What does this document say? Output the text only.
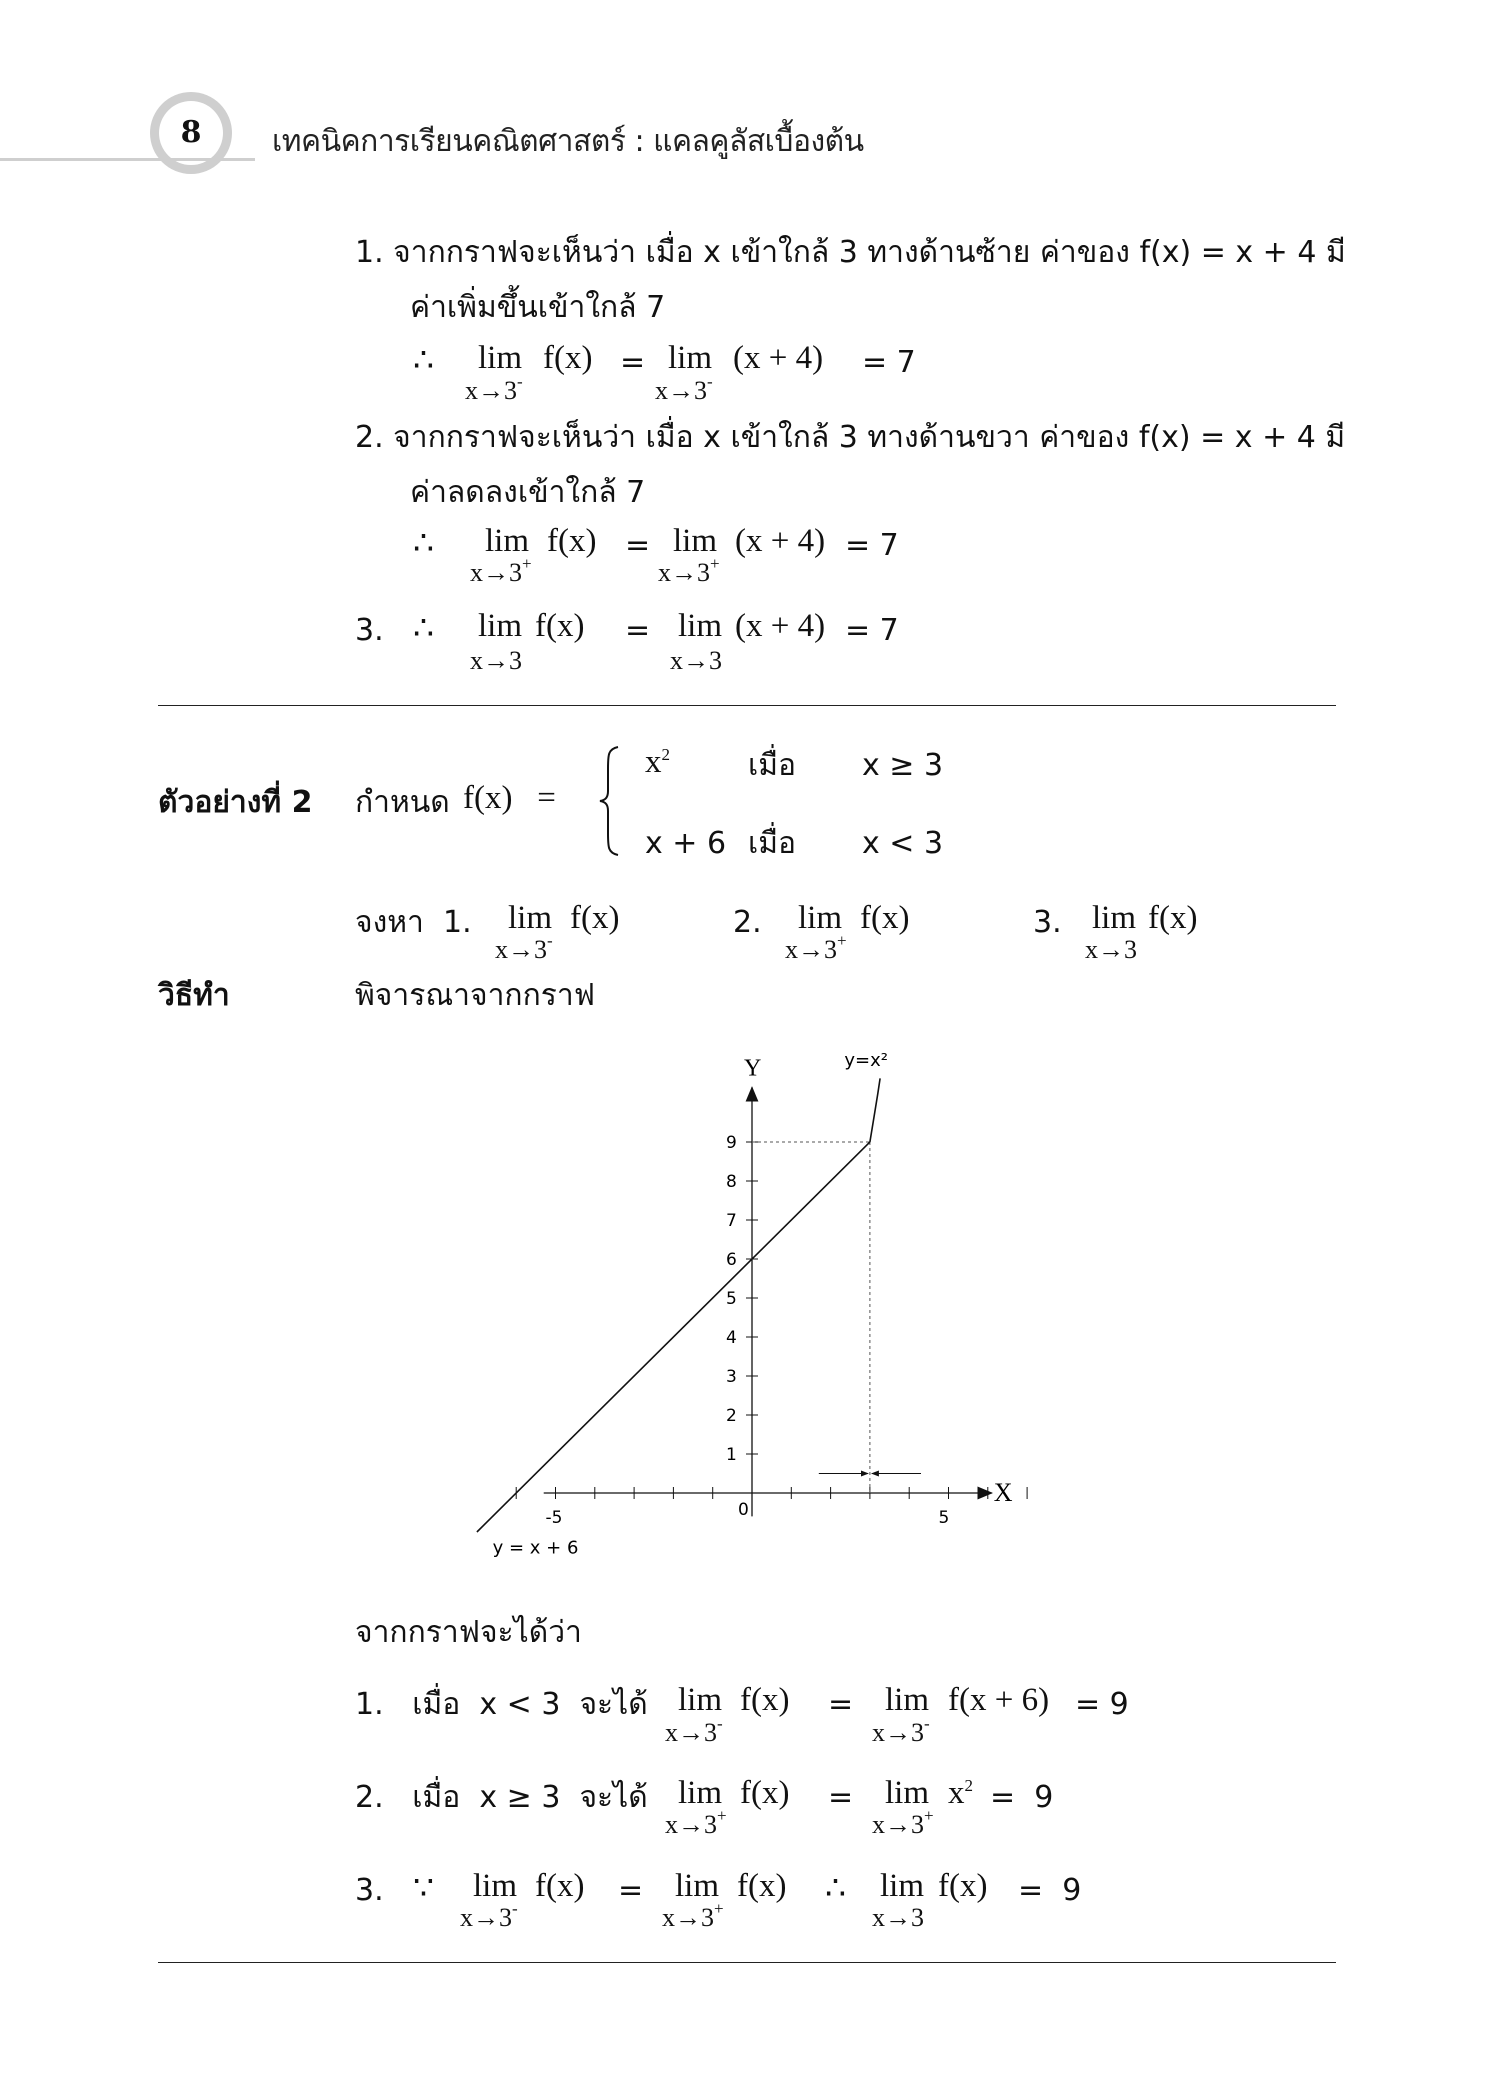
8	เทคนิคการเรียนคณิตศาสตร์ : แคลคูลัสเบื้องต้น
1. จากกราฟจะเห็นว่า เมื่อ x เข้าใกล้ 3 ทางด้านซ้าย ค่าของ f(x) = x + 4 มี
ค่าเพิ่มขึ้นเข้าใกล้ 7
∴ lim f(x) = lim (x + 4) = 7
x→3-	x→3-
2. จากกราฟจะเห็นว่า เมื่อ x เข้าใกล้ 3 ทางด้านขวา ค่าของ f(x) = x + 4 มี
ค่าลดลงเข้าใกล้ 7
∴ lim f(x) = lim (x + 4) = 7
x→3+	x→3+
3. ∴ lim f(x) = lim (x + 4) = 7
x→3	x→3
ตัวอย่างที่ 2 กำหนด f(x)   =
$x^2$	เมื่อ x ≥ 3
x + 6 เมื่อ x < 3
จงหา 1. lim f(x)
x→3-
2. lim f(x)
x→3+
3. lim f(x)
x→3
วิธีทำ	พิจารณาจากกราฟ
X
Y
0
-5	5
1
2
3
4
5
6
7
8
9
y = x + 6
y=x²
จากกราฟจะได้ว่า
1.   เมื่อ  x < 3  จะได้ lim f(x) = lim f(x + 6) = 9
x→3-	x→3-
2.   เมื่อ  x ≥ 3  จะได้ $\lim f(x) = \lim x^2 = 9$
x→3+	x→3+
3. ∵ lim f(x) = lim f(x) ∴ lim f(x) =  9
x→3-	x→3+	x→3
